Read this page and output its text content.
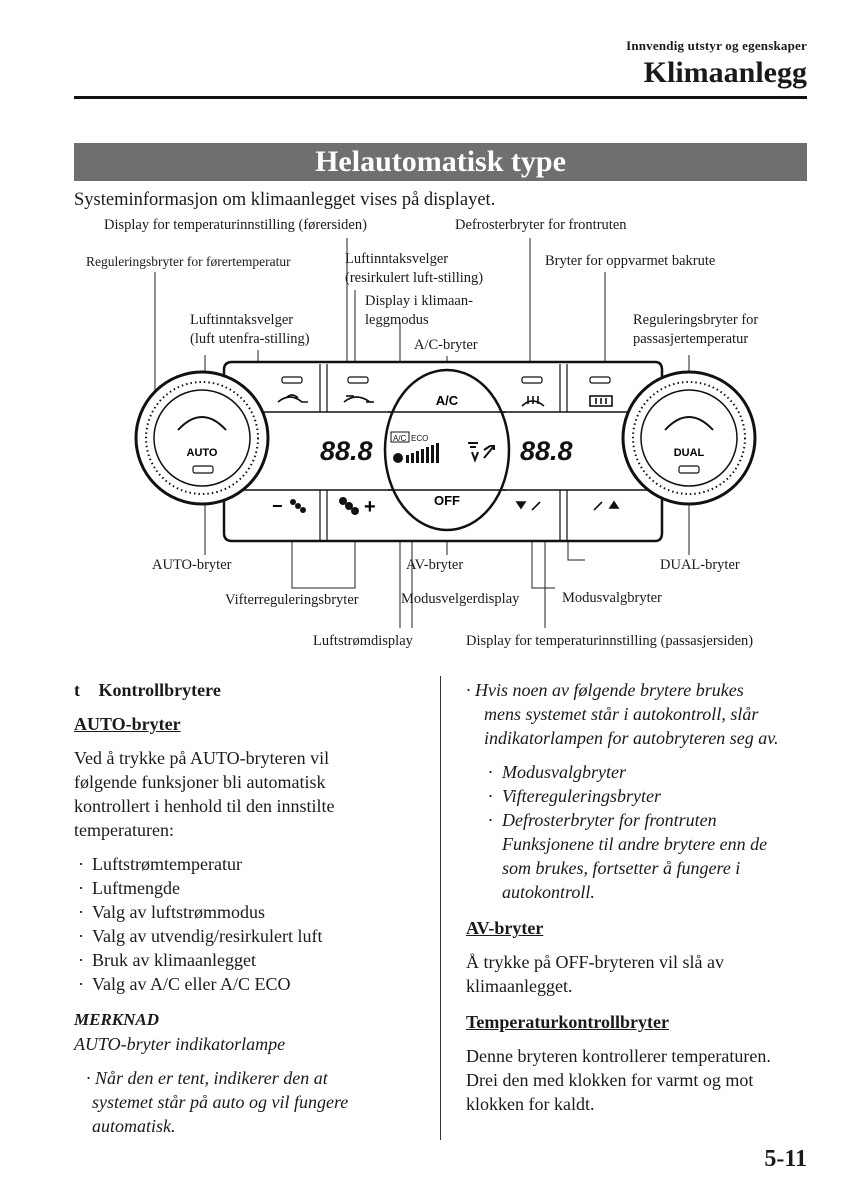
Innvendig utstyr og egenskaper
Klimaanlegg
Helautomatisk type
Systeminformasjon om klimaanlegget vises på displayet.
A/C
OFF
88.8	88.8
A/C ECO
−	+
AUTO	DUAL
Display for temperaturinnstilling (førersiden)	Defrosterbryter for frontruten
Reguleringsbryter for førertemperatur	Luftinntaksvelger
(resirkulert luft-stilling)
Bryter for oppvarmet bakrute
Display i klimaan-
leggmodus
Luftinntaksvelger
(luft utenfra-stilling)
Reguleringsbryter for
passasjertemperatur
A/C-bryter
AUTO-bryter	AV-bryter	DUAL-bryter
Vifterreguleringsbryter	Modusvelgerdisplay	Modusvalgbryter
Luftstrømdisplay	Display for temperaturinnstilling (passasjersiden)
t Kontrollbrytere
AUTO-bryter
Ved å trykke på AUTO-bryteren vil
følgende funksjoner bli automatisk
kontrollert i henhold til den innstilte
temperaturen:
· Luftstrømtemperatur
· Luftmengde
· Valg av luftstrømmodus
· Valg av utvendig/resirkulert luft
· Bruk av klimaanlegget
· Valg av A/C eller A/C ECO
MERKNAD
AUTO-bryter indikatorlampe
· Når den er tent, indikerer den at
systemet står på auto og vil fungere
automatisk.
· Hvis noen av følgende brytere brukes
mens systemet står i autokontroll, slår
indikatorlampen for autobryteren seg av.
· Modusvalgbryter
· Viftereguleringsbryter
· Defrosterbryter for frontruten
Funksjonene til andre brytere enn de
som brukes, fortsetter å fungere i
autokontroll.
AV-bryter
Å trykke på OFF-bryteren vil slå av
klimaanlegget.
Temperaturkontrollbryter
Denne bryteren kontrollerer temperaturen.
Drei den med klokken for varmt og mot
klokken for kaldt.
5-11
